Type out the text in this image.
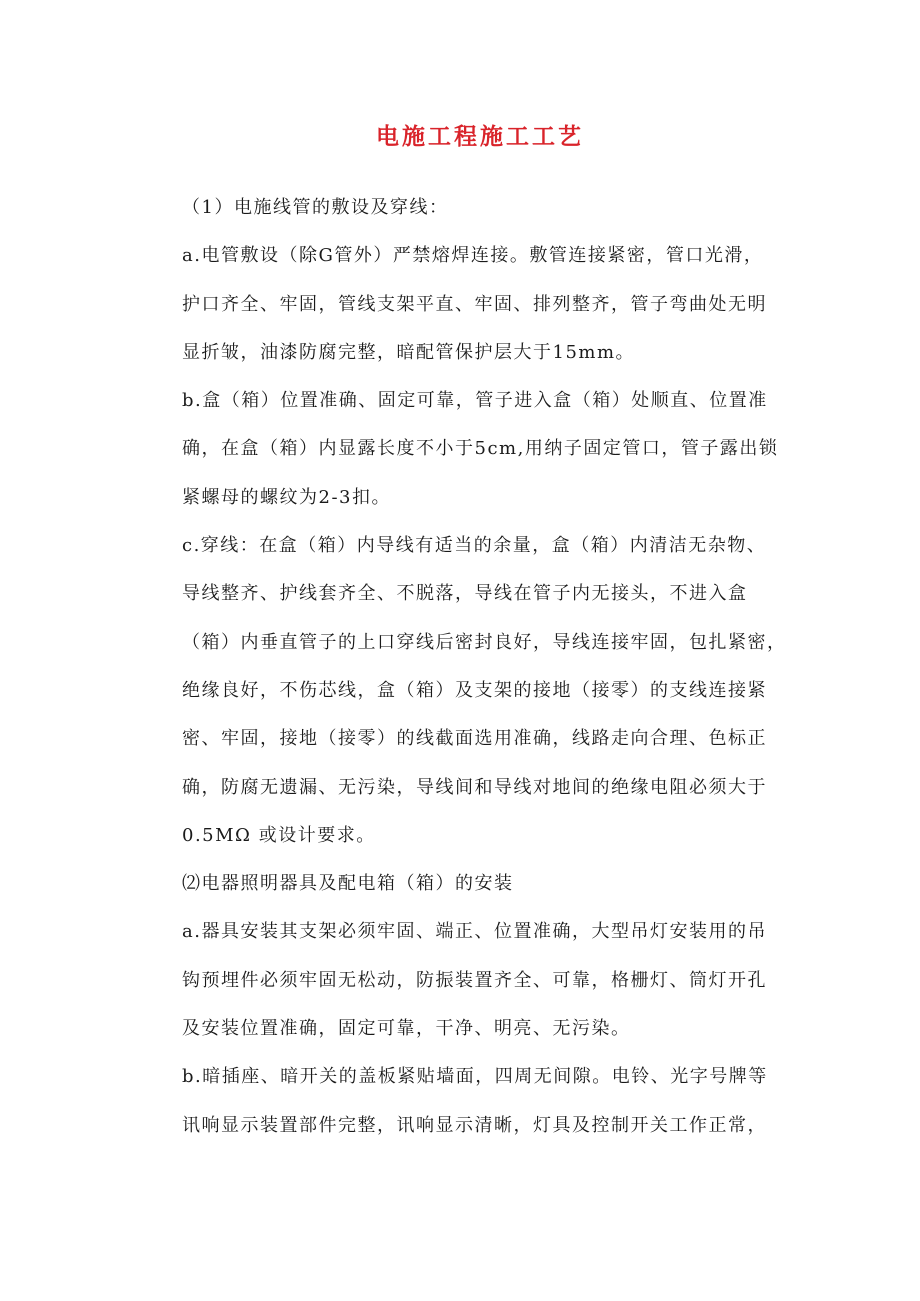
电施工程施工工艺
（1）电施线管的敷设及穿线：
a.电管敷设（除G管外）严禁熔焊连接。敷管连接紧密，管口光滑，
护口齐全、牢固，管线支架平直、牢固、排列整齐，管子弯曲处无明
显折皱，油漆防腐完整，暗配管保护层大于15mm。
b.盒（箱）位置准确、固定可靠，管子进入盒（箱）处顺直、位置准
确，在盒（箱）内显露长度不小于5cm,用纳子固定管口，管子露出锁
紧螺母的螺纹为2-3扣。
c.穿线：在盒（箱）内导线有适当的余量，盒（箱）内清洁无杂物、
导线整齐、护线套齐全、不脱落，导线在管子内无接头，不进入盒
（箱）内垂直管子的上口穿线后密封良好，导线连接牢固，包扎紧密，
绝缘良好，不伤芯线，盒（箱）及支架的接地（接零）的支线连接紧
密、牢固，接地（接零）的线截面选用准确，线路走向合理、色标正
确，防腐无遗漏、无污染，导线间和导线对地间的绝缘电阻必须大于
0.5MΩ 或设计要求。
⑵电器照明器具及配电箱（箱）的安装
a.器具安装其支架必须牢固、端正、位置准确，大型吊灯安装用的吊
钩预埋件必须牢固无松动，防振装置齐全、可靠，格栅灯、筒灯开孔
及安装位置准确，固定可靠，干净、明亮、无污染。
b.暗插座、暗开关的盖板紧贴墙面，四周无间隙。电铃、光字号牌等
讯响显示装置部件完整，讯响显示清晰，灯具及控制开关工作正常，
